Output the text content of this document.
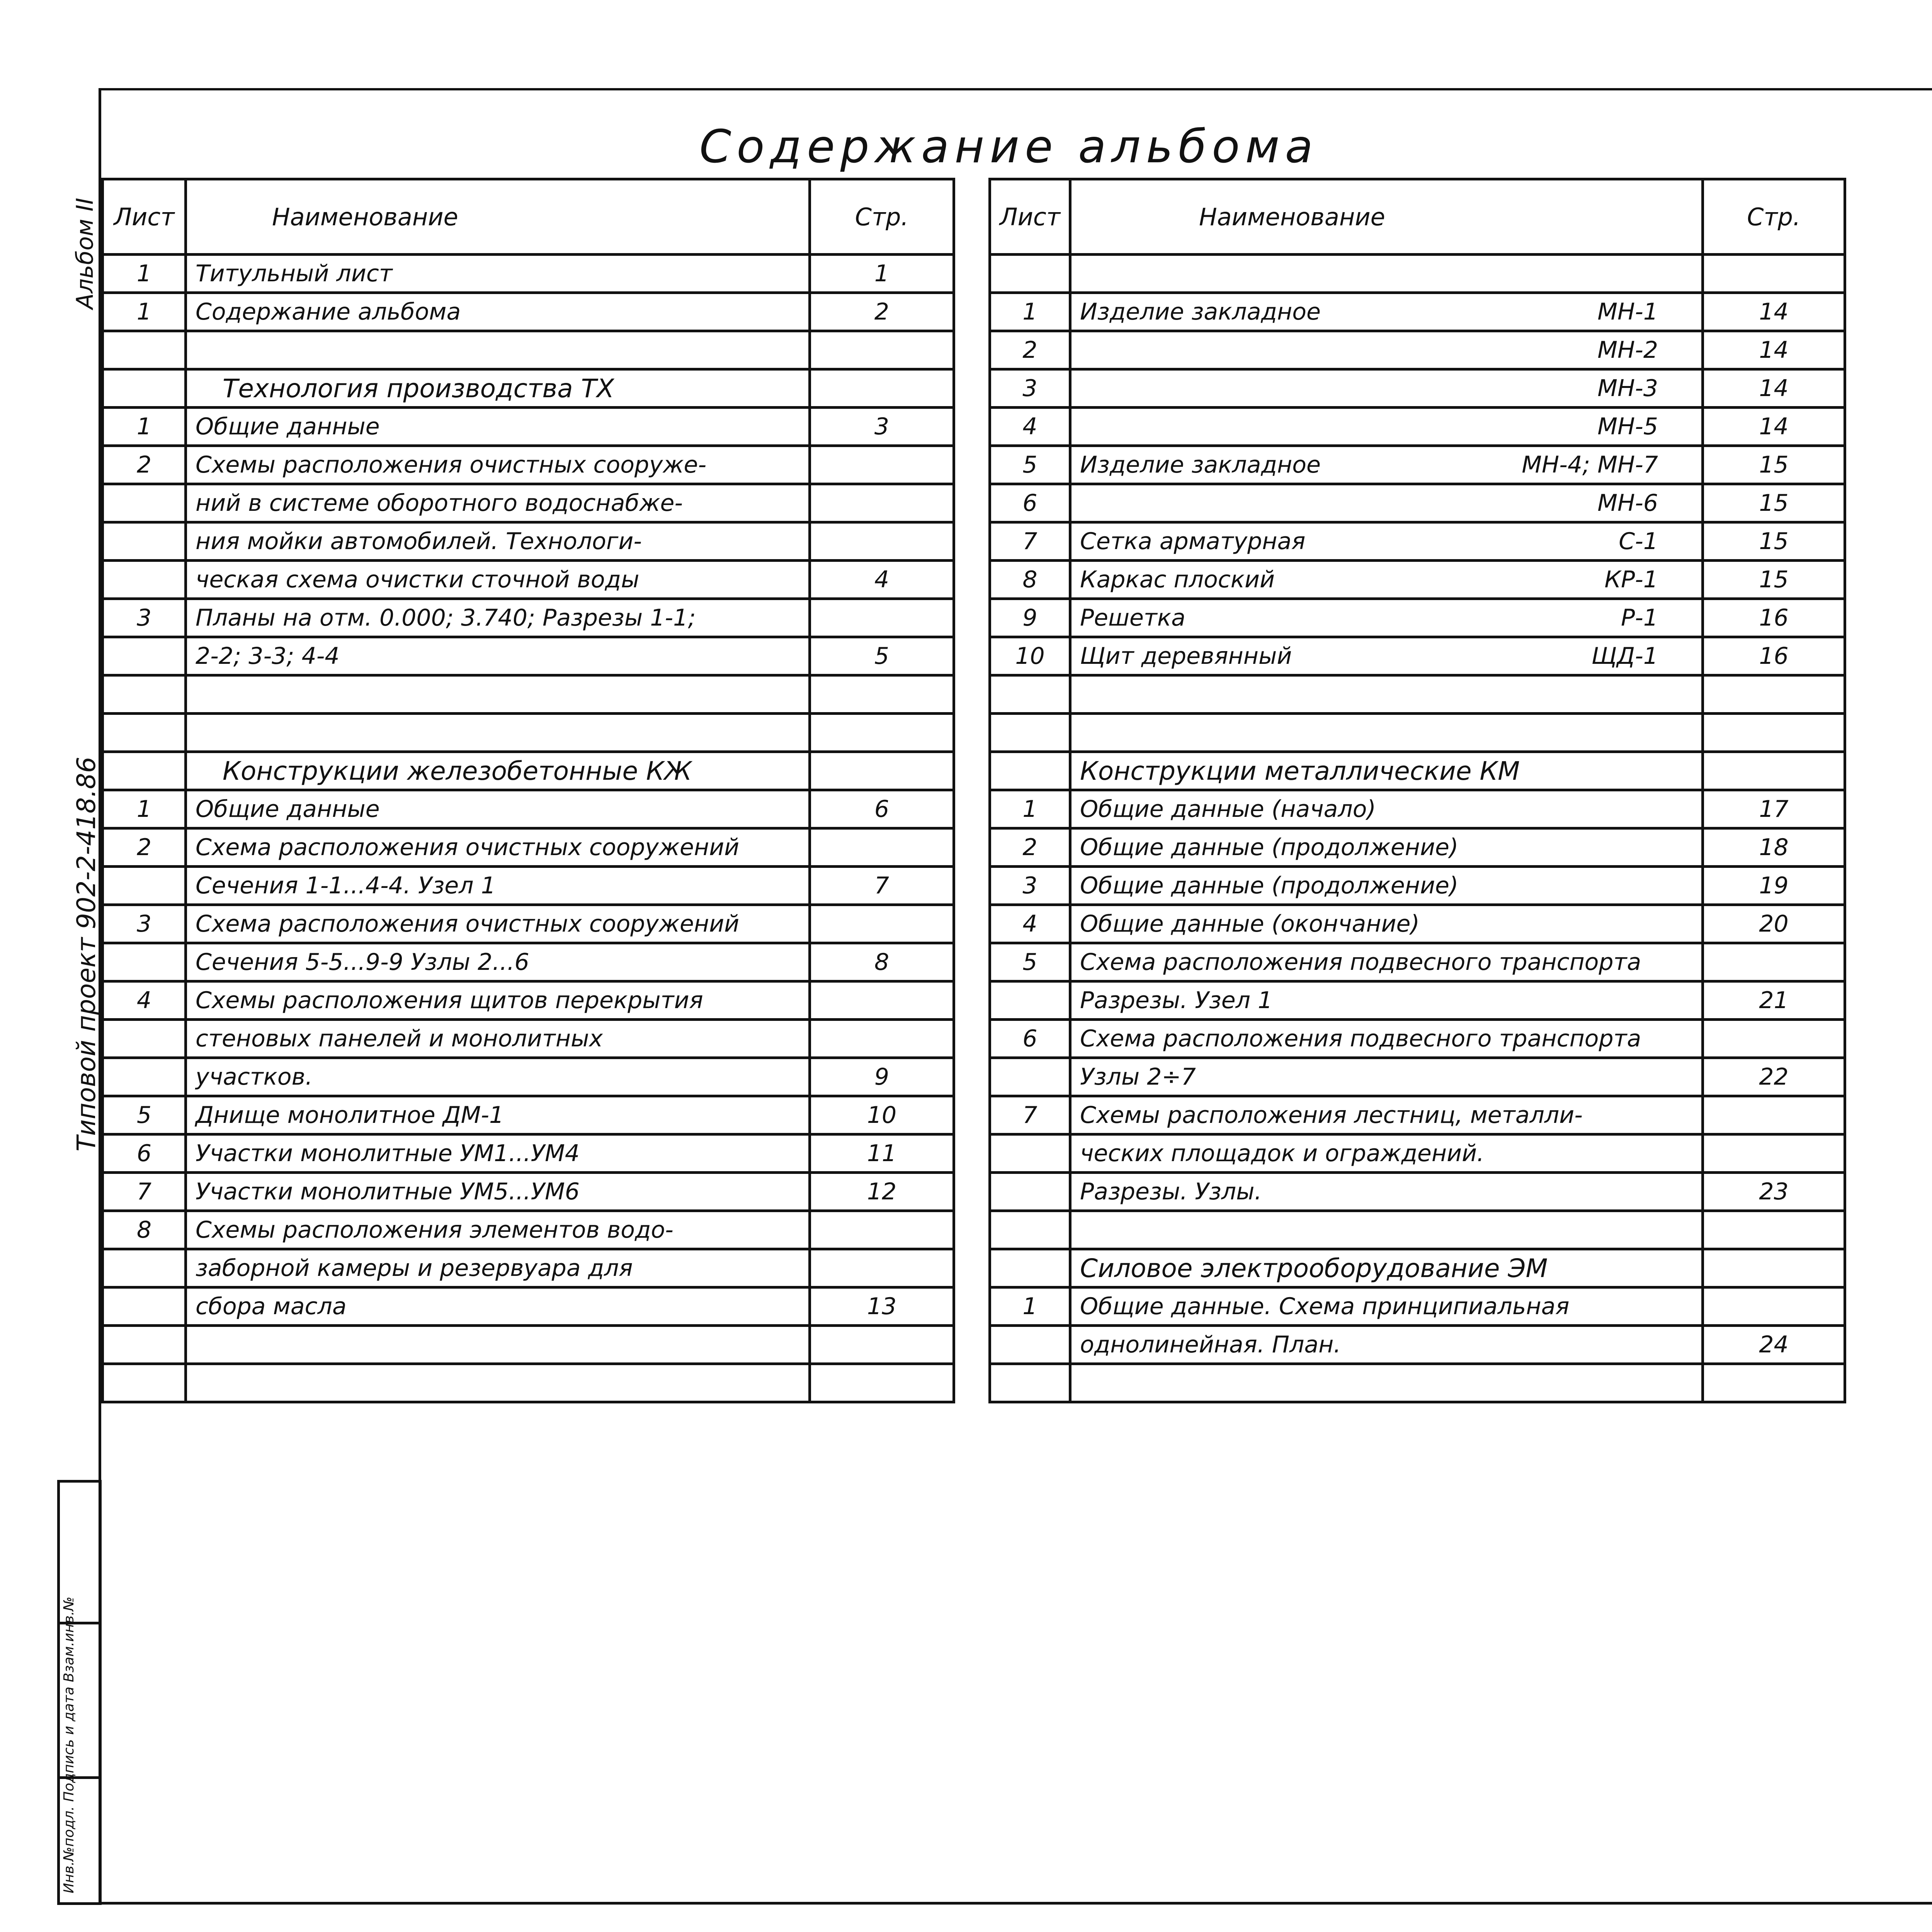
Содержание альбома
Альбом II
Типовой проект 902-2-418.86
Инв.№подл. Подпись и дата Взам.инв.№
Лист	Наименование	Стр.
1	Титульный лист	1
1	Содержание альбома	2

	Технология производства ТХ	
1	Общие данные	3
2	Схемы расположения очистных сооруже-	
	ний в системе оборотного водоснабже-	
	ния мойки автомобилей. Технологи-	
	ческая схема очистки сточной воды	4
3	Планы на отм. 0.000; 3.740; Разрезы 1-1;	
	2-2; 3-3; 4-4	5

	Конструкции железобетонные КЖ	
1	Общие данные	6
2	Схема расположения очистных сооружений	
	Сечения 1-1...4-4. Узел 1	7
3	Схема расположения очистных сооружений	
	Сечения 5-5...9-9 Узлы 2...6	8
4	Схемы расположения щитов перекрытия	
	стеновых панелей и монолитных	
	участков.	9
5	Днище монолитное ДМ-1	10
6	Участки монолитные УМ1...УМ4	11
7	Участки монолитные УМ5...УМ6	12
8	Схемы расположения элементов водо-	
	заборной камеры и резервуара для	
	сбора масла	13

Лист	Наименование	Стр.

1	Изделие закладное МН-1	14
2	МН-2	14
3	МН-3	14
4	МН-5	14
5	Изделие закладное МН-4; МН-7	15
6	МН-6	15
7	Сетка арматурная С-1	15
8	Каркас плоский КР-1	15
9	Решетка Р-1	16
10	Щит деревянный ЩД-1	16

	Конструкции металлические КМ	

1	Общие данные (начало)	17
2	Общие данные (продолжение)	18
3	Общие данные (продолжение)	19
4	Общие данные (окончание)	20
5	Схема расположения подвесного транспорта	

	Разрезы. Узел 1	21
6	Схема расположения подвесного транспорта	

	Узлы 2÷7	22
7	Схемы расположения лестниц, металли-	

	ческих площадок и ограждений.	

	Разрезы. Узлы.	23

	Силовое электрооборудование ЭМ	

1	Общие данные. Схема принципиальная	

	однолинейная. План.	24
